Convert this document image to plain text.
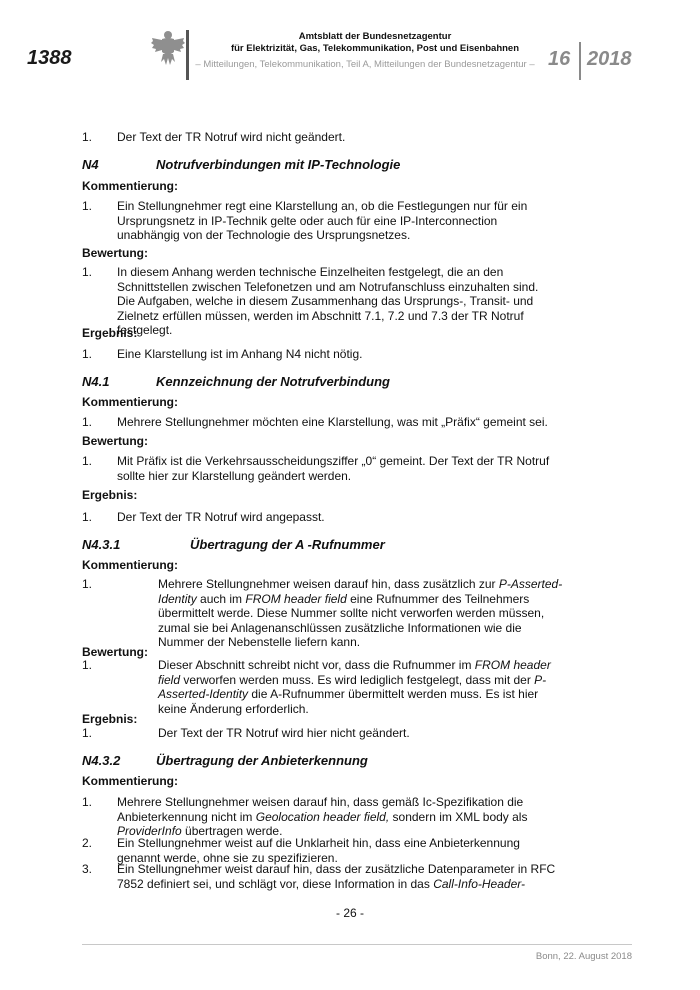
1388
Amtsblatt der Bundesnetzagentur
für Elektrizität, Gas, Telekommunikation, Post und Eisenbahnen
– Mitteilungen, Telekommunikation, Teil A, Mitteilungen der Bundesnetzagentur – 16 2018
1. Der Text der TR Notruf wird nicht geändert.
N4	Notrufverbindungen mit IP-Technologie
Kommentierung:
1. Ein Stellungnehmer regt eine Klarstellung an, ob die Festlegungen nur für ein Ursprungsnetz in IP-Technik gelte oder auch für eine IP-Interconnection unabhängig von der Technologie des Ursprungsnetzes.
Bewertung:
1. In diesem Anhang werden technische Einzelheiten festgelegt, die an den Schnittstellen zwischen Telefonetzen und am Notrufanschluss einzuhalten sind. Die Aufgaben, welche in diesem Zusammenhang das Ursprungs-, Transit- und Zielnetz erfüllen müssen, werden im Abschnitt 7.1, 7.2 und 7.3 der TR Notruf festgelegt.
Ergebnis:
1. Eine Klarstellung ist im Anhang N4 nicht nötig.
N4.1	Kennzeichnung der Notrufverbindung
Kommentierung:
1. Mehrere Stellungnehmer möchten eine Klarstellung, was mit „Präfix“ gemeint sei.
Bewertung:
1. Mit Präfix ist die Verkehrsausscheidungsziffer „0“ gemeint. Der Text der TR Notruf sollte hier zur Klarstellung geändert werden.
Ergebnis:
1. Der Text der TR Notruf wird angepasst.
N4.3.1	Übertragung der A -Rufnummer
Kommentierung:
1.	Mehrere Stellungnehmer weisen darauf hin, dass zusätzlich zur P-Asserted-Identity auch im FROM header field eine Rufnummer des Teilnehmers übermittelt werde. Diese Nummer sollte nicht verworfen werden müssen, zumal sie bei Anlagenanschlüssen zusätzliche Informationen wie die Nummer der Nebenstelle liefern kann.
Bewertung:
1.	Dieser Abschnitt schreibt nicht vor, dass die Rufnummer im FROM header field verworfen werden muss. Es wird lediglich festgelegt, dass mit der P-Asserted-Identity die A-Rufnummer übermittelt werden muss. Es ist hier keine Änderung erforderlich.
Ergebnis:
1.	Der Text der TR Notruf wird hier nicht geändert.
N4.3.2	Übertragung der Anbieterkennung
Kommentierung:
1. Mehrere Stellungnehmer weisen darauf hin, dass gemäß Ic-Spezifikation die Anbieterkennung nicht im Geolocation header field, sondern im XML body als ProviderInfo übertragen werde.
2. Ein Stellungnehmer weist auf die Unklarheit hin, dass eine Anbieterkennung genannt werde, ohne sie zu spezifizieren.
3. Ein Stellungnehmer weist darauf hin, dass der zusätzliche Datenparameter in RFC 7852 definiert sei, und schlägt vor, diese Information in das Call-Info-Header-
- 26 -
Bonn, 22. August 2018
